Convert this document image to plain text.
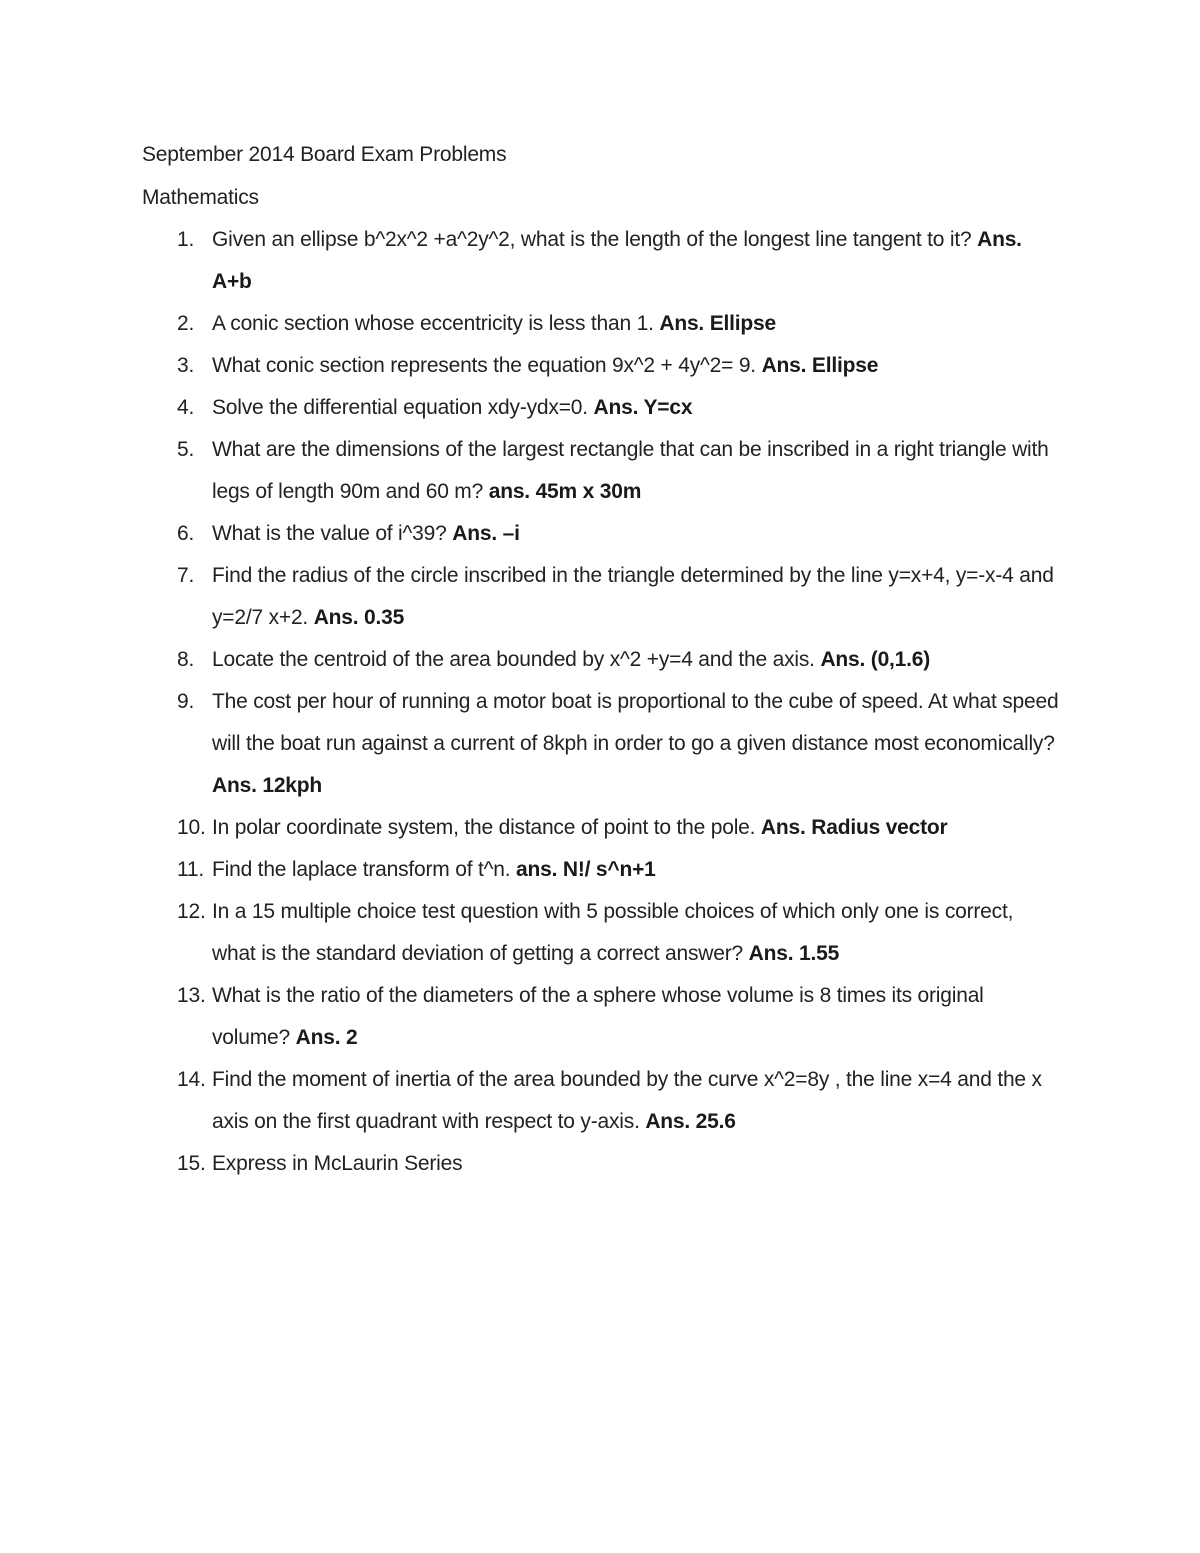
September 2014 Board Exam Problems
Mathematics
1. Given an ellipse b^2x^2 +a^2y^2, what is the length of the longest line tangent to it? Ans. A+b
2. A conic section whose eccentricity is less than 1. Ans. Ellipse
3. What conic section represents the equation 9x^2 + 4y^2= 9. Ans. Ellipse
4. Solve the differential equation xdy-ydx=0. Ans. Y=cx
5. What are the dimensions of the largest rectangle that can be inscribed in a right triangle with legs of length 90m and 60 m? ans. 45m x 30m
6. What is the value of i^39? Ans. –i
7. Find the radius of the circle inscribed in the triangle determined by the line y=x+4, y=-x-4 and y=2/7 x+2. Ans. 0.35
8. Locate the centroid of the area bounded by x^2 +y=4 and the axis. Ans. (0,1.6)
9. The cost per hour of running a motor boat is proportional to the cube of speed. At what speed will the boat run against a current of 8kph in order to go a given distance most economically? Ans. 12kph
10. In polar coordinate system, the distance of point to the pole. Ans. Radius vector
11. Find the laplace transform of t^n. ans. N!/ s^n+1
12. In a 15 multiple choice test question with 5 possible choices of which only one is correct, what is the standard deviation of getting a correct answer? Ans. 1.55
13. What is the ratio of the diameters of the a sphere whose volume is 8 times its original volume? Ans. 2
14. Find the moment of inertia of the area bounded by the curve x^2=8y , the line x=4 and the x axis on the first quadrant with respect to y-axis. Ans. 25.6
15. Express in McLaurin Series
